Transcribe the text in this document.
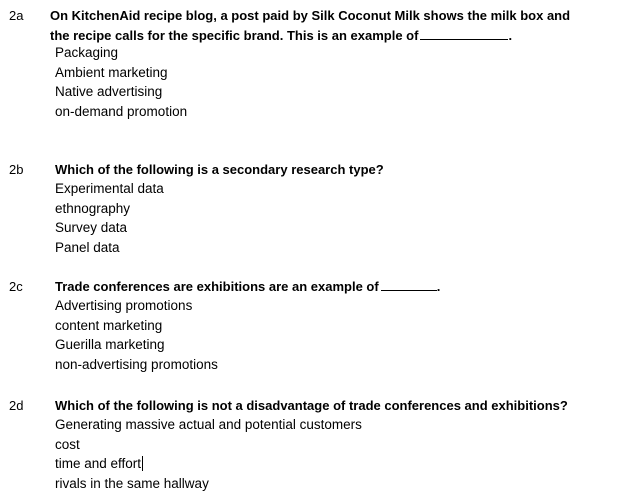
2a On KitchenAid recipe blog, a post paid by Silk Coconut Milk shows the milk box and
the recipe calls for the specific brand. This is an example of	.
Packaging
Ambient marketing
Native advertising
on-demand promotion
2b Which of the following is a secondary research type?
Experimental data
ethnography
Survey data
Panel data
2c Trade conferences are exhibitions are an example of	.
Advertising promotions
content marketing
Guerilla marketing
non-advertising promotions
2d Which of the following is not a disadvantage of trade conferences and exhibitions?
Generating massive actual and potential customers
cost
time and effort
rivals in the same hallway
